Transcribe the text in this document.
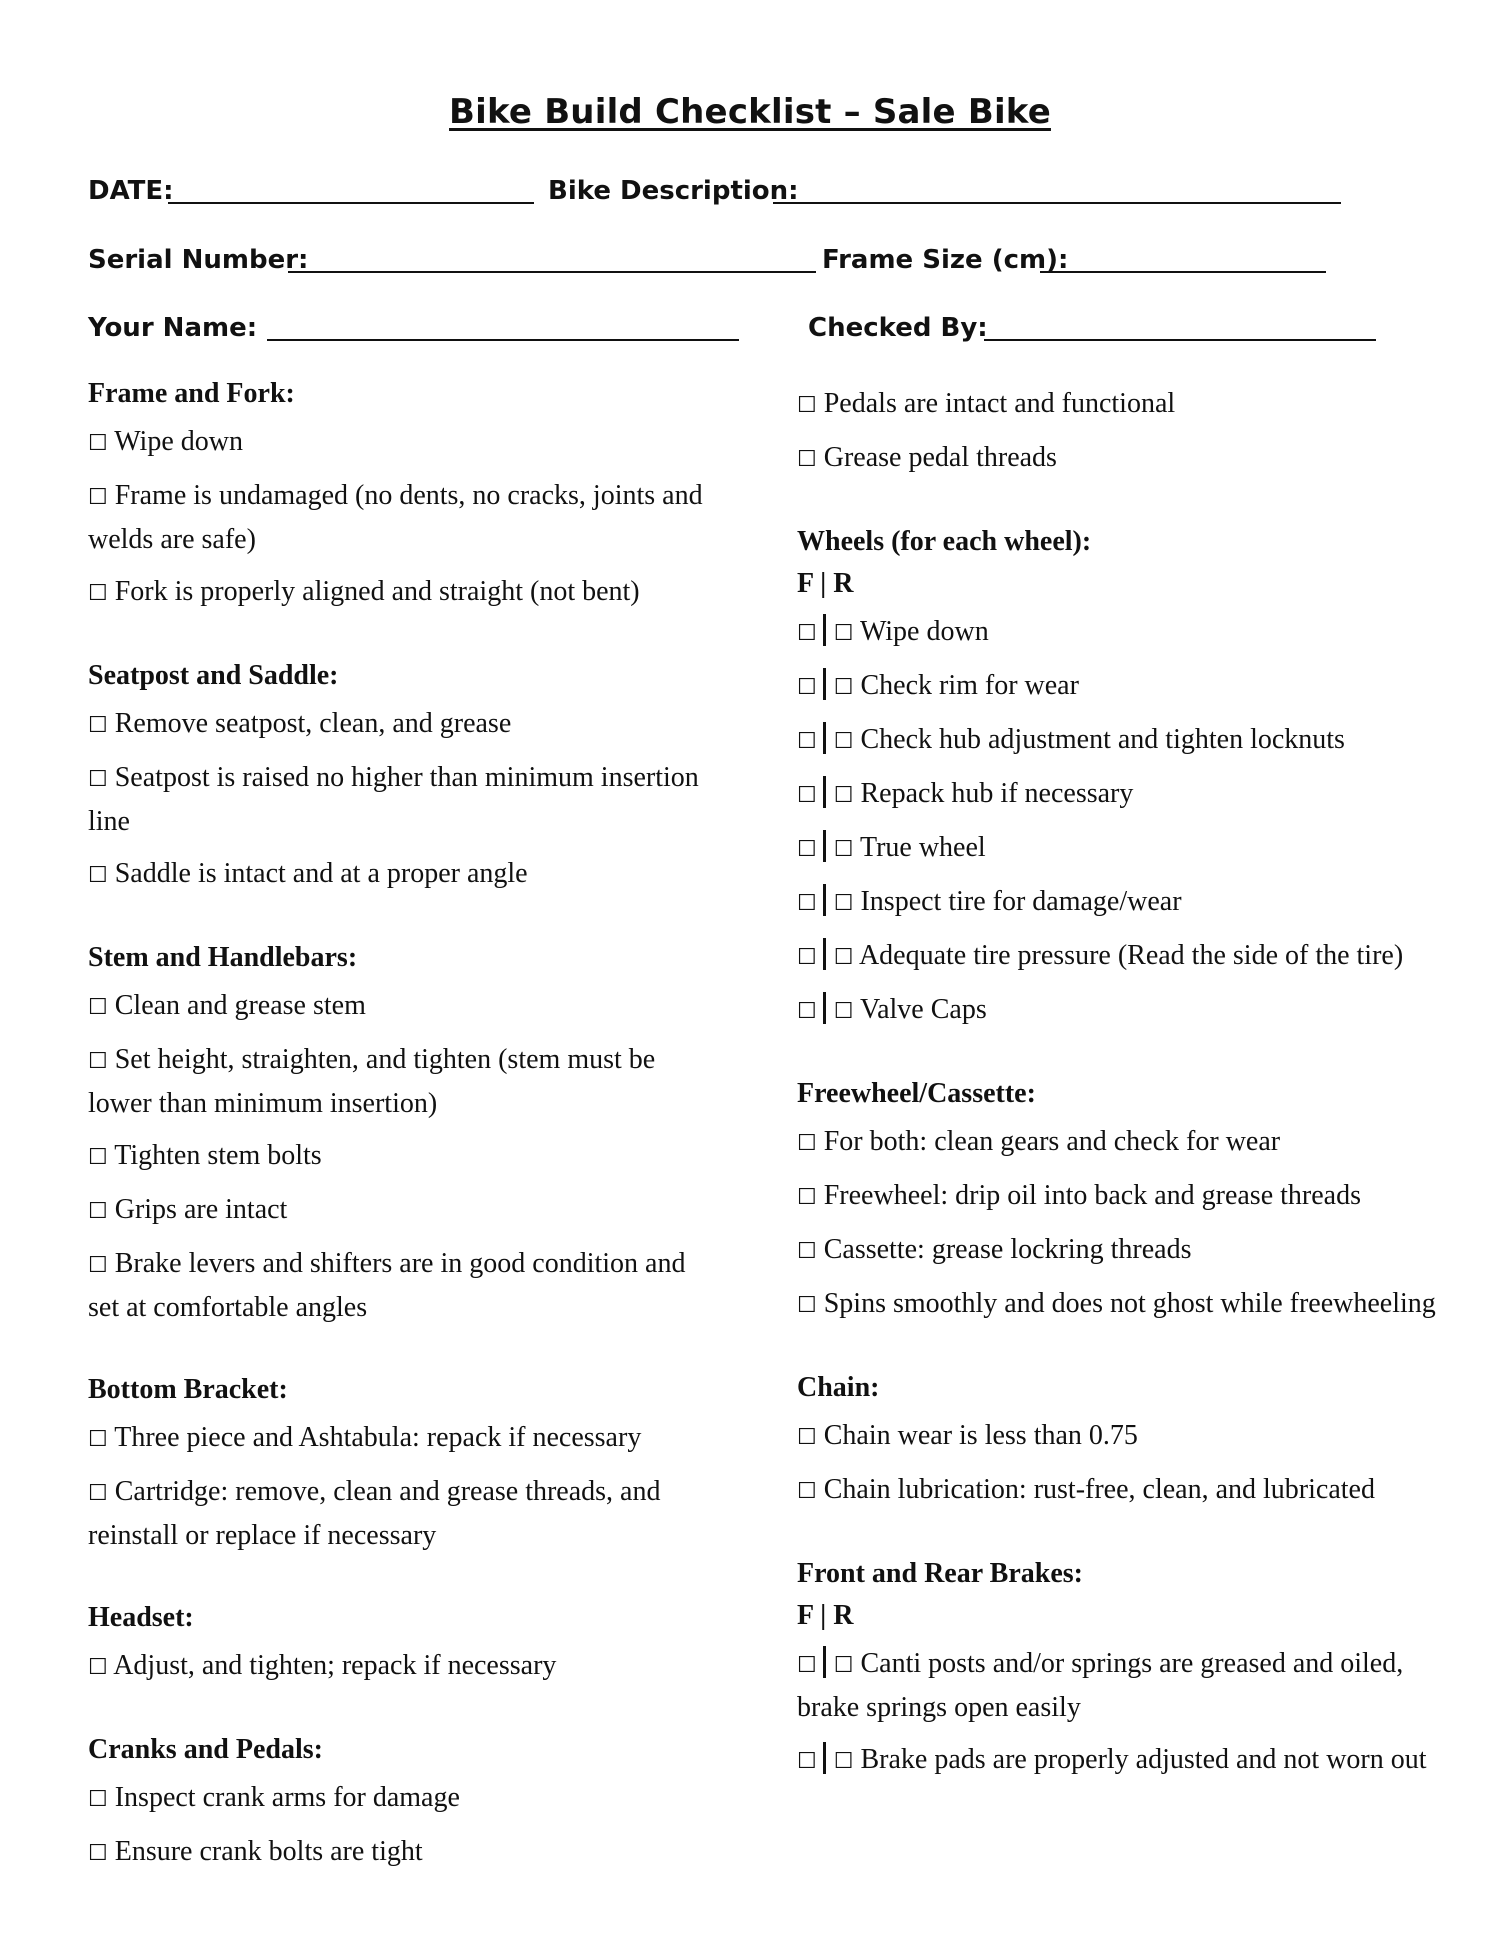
Bike Build Checklist – Sale Bike
DATE:	Bike Description:
Serial Number:	Frame Size (cm):
Your Name:	Checked By:
Frame and Fork:
☐ Wipe down
☐ Frame is undamaged (no dents, no cracks, joints and welds are safe)
☐ Fork is properly aligned and straight (not bent)
Seatpost and Saddle:
☐ Remove seatpost, clean, and grease
☐ Seatpost is raised no higher than minimum insertion line
☐ Saddle is intact and at a proper angle
Stem and Handlebars:
☐ Clean and grease stem
☐ Set height, straighten, and tighten (stem must be lower than minimum insertion)
☐ Tighten stem bolts
☐ Grips are intact
☐ Brake levers and shifters are in good condition and set at comfortable angles
Bottom Bracket:
☐ Three piece and Ashtabula: repack if necessary
☐ Cartridge: remove, clean and grease threads, and reinstall or replace if necessary
Headset:
☐ Adjust, and tighten; repack if necessary
Cranks and Pedals:
☐ Inspect crank arms for damage
☐ Ensure crank bolts are tight
☐ Pedals are intact and functional
☐ Grease pedal threads
Wheels (for each wheel):
F | R
☐ ☐ Wipe down
☐ ☐ Check rim for wear
☐ ☐ Check hub adjustment and tighten locknuts
☐ ☐ Repack hub if necessary
☐ ☐ True wheel
☐ ☐ Inspect tire for damage/wear
☐ ☐ Adequate tire pressure (Read the side of the tire)
☐ ☐ Valve Caps
Freewheel/Cassette:
☐ For both: clean gears and check for wear
☐ Freewheel: drip oil into back and grease threads
☐ Cassette: grease lockring threads
☐ Spins smoothly and does not ghost while freewheeling
Chain:
☐ Chain wear is less than 0.75
☐ Chain lubrication: rust-free, clean, and lubricated
Front and Rear Brakes:
F | R
☐ ☐ Canti posts and/or springs are greased and oiled, brake springs open easily
☐ ☐ Brake pads are properly adjusted and not worn out
